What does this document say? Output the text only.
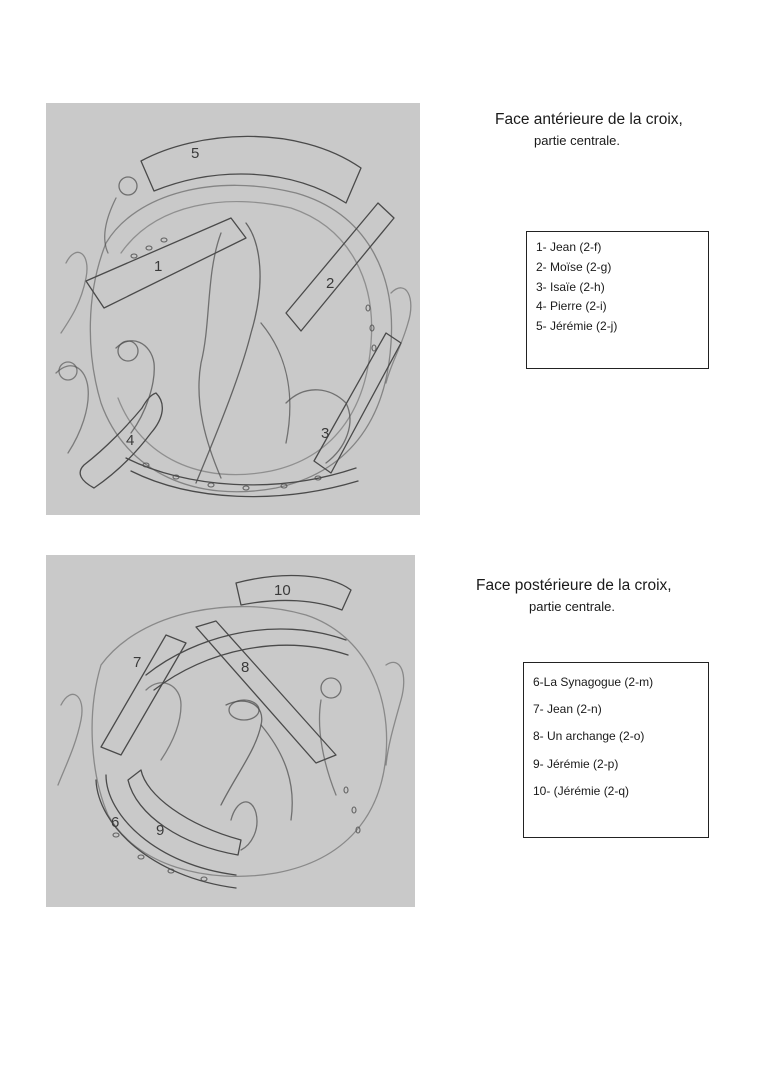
5
1
2
3
4
Face antérieure de la croix,
partie centrale.
1- Jean (2-f)
2- Moïse (2-g)
3- Isaïe (2-h)
4- Pierre (2-i)
5- Jérémie (2-j)
10
7	8
6 9
Face postérieure de la croix,
partie centrale.
6-La Synagogue (2-m)
7- Jean (2-n)
8- Un archange (2-o)
9- Jérémie (2-p)
10- (Jérémie (2-q)
